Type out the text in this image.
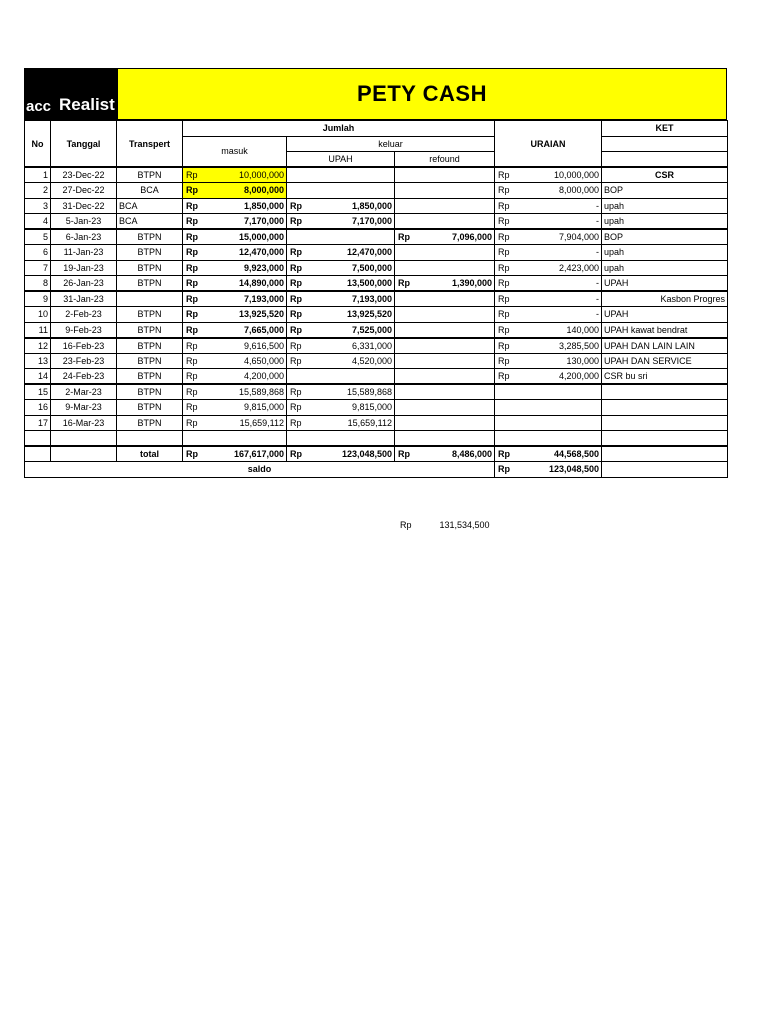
acc Realist	PETY CASH
No	Tanggal	Transpert	Jumlah			URAIAN	KET
			masuk	keluar			
				UPAH	refound		
1	23-Dec-22	BTPN	Rp 10,000,000			Rp 10,000,000	CSR
2	27-Dec-22	BCA	Rp 8,000,000			Rp 8,000,000	BOP
3	31-Dec-22	BCA	Rp 1,850,000	Rp 1,850,000		Rp -	upah
4	5-Jan-23	BCA	Rp 7,170,000	Rp 7,170,000		Rp -	upah
5	6-Jan-23	BTPN	Rp 15,000,000		Rp 7,096,000	Rp 7,904,000	BOP
6	11-Jan-23	BTPN	Rp 12,470,000	Rp 12,470,000		Rp -	upah
7	19-Jan-23	BTPN	Rp 9,923,000	Rp 7,500,000		Rp 2,423,000	upah
8	26-Jan-23	BTPN	Rp 14,890,000	Rp 13,500,000	Rp 1,390,000	Rp -	UPAH
9	31-Jan-23		Rp 7,193,000	Rp 7,193,000		Rp -	Kasbon Progres
10	2-Feb-23	BTPN	Rp 13,925,520	Rp 13,925,520		Rp -	UPAH
11	9-Feb-23	BTPN	Rp 7,665,000	Rp 7,525,000		Rp 140,000	UPAH kawat bendrat
12	16-Feb-23	BTPN	Rp 9,616,500	Rp 6,331,000		Rp 3,285,500	UPAH DAN LAIN LAIN
13	23-Feb-23	BTPN	Rp 4,650,000	Rp 4,520,000		Rp 130,000	UPAH DAN SERVICE
14	24-Feb-23	BTPN	Rp 4,200,000			Rp 4,200,000	CSR bu sri
15	2-Mar-23	BTPN	Rp 15,589,868	Rp 15,589,868			

16	9-Mar-23	BTPN	Rp 9,815,000	Rp 9,815,000			

17	16-Mar-23	BTPN	Rp 15,659,112	Rp 15,659,112			

		total	Rp 167,617,000	Rp 123,048,500	Rp 8,486,000	Rp 44,568,500	

saldo						Rp 123,048,500	

Rp	131,534,500
